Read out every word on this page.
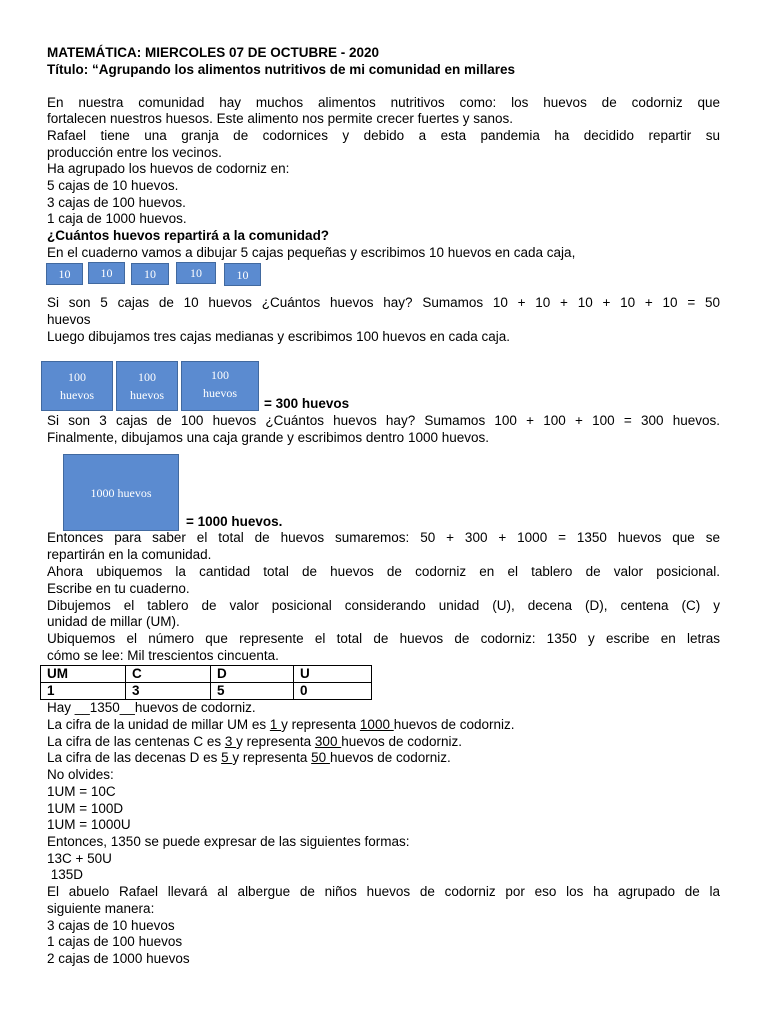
MATEMÁTICA: MIERCOLES 07 DE OCTUBRE - 2020
Título: “Agrupando los alimentos nutritivos de mi comunidad en millares
En nuestra comunidad hay muchos alimentos nutritivos como: los huevos de codorniz que
fortalecen nuestros huesos. Este alimento nos permite crecer fuertes y sanos.
Rafael tiene una granja de codornices y debido a esta pandemia ha decidido repartir su
producción entre los vecinos.
Ha agrupado los huevos de codorniz en:
5 cajas de 10 huevos.
3 cajas de 100 huevos.
1 caja de 1000 huevos.
¿Cuántos huevos repartirá a la comunidad?
En el cuaderno vamos a dibujar 5 cajas pequeñas y escribimos 10 huevos en cada caja,
10	10	10	10	10
Si son 5 cajas de 10 huevos ¿Cuántos huevos hay? Sumamos 10 + 10 + 10 + 10 + 10 = 50
huevos
Luego dibujamos tres cajas medianas y escribimos 100 huevos en cada caja.
100
huevos
100
huevos
100
huevos
= 300 huevos
Si son 3 cajas de 100 huevos ¿Cuántos huevos hay? Sumamos 100 + 100 + 100 = 300 huevos.
Finalmente, dibujamos una caja grande y escribimos dentro 1000 huevos.
1000 huevos
= 1000 huevos.
Entonces para saber el total de huevos sumaremos: 50 + 300 + 1000 = 1350 huevos que se
repartirán en la comunidad.
Ahora ubiquemos la cantidad total de huevos de codorniz en el tablero de valor posicional.
Escribe en tu cuaderno.
Dibujemos el tablero de valor posicional considerando unidad (U), decena (D), centena (C) y
unidad de millar (UM).
Ubiquemos el número que represente el total de huevos de codorniz: 1350 y escribe en letras
cómo se lee: Mil trescientos cincuenta.
UM	C	D	U
1	3	5	0
Hay __1350__huevos de codorniz.
La cifra de la unidad de millar UM es 1 y representa 1000 huevos de codorniz.
La cifra de las centenas C es 3 y representa 300 huevos de codorniz.
La cifra de las decenas D es 5 y representa 50 huevos de codorniz.
No olvides:
1UM = 10C
1UM = 100D
1UM = 1000U
Entonces, 1350 se puede expresar de las siguientes formas:
13C + 50U
135D
El abuelo Rafael llevará al albergue de niños huevos de codorniz por eso los ha agrupado de la
siguiente manera:
3 cajas de 10 huevos
1 cajas de 100 huevos
2 cajas de 1000 huevos
